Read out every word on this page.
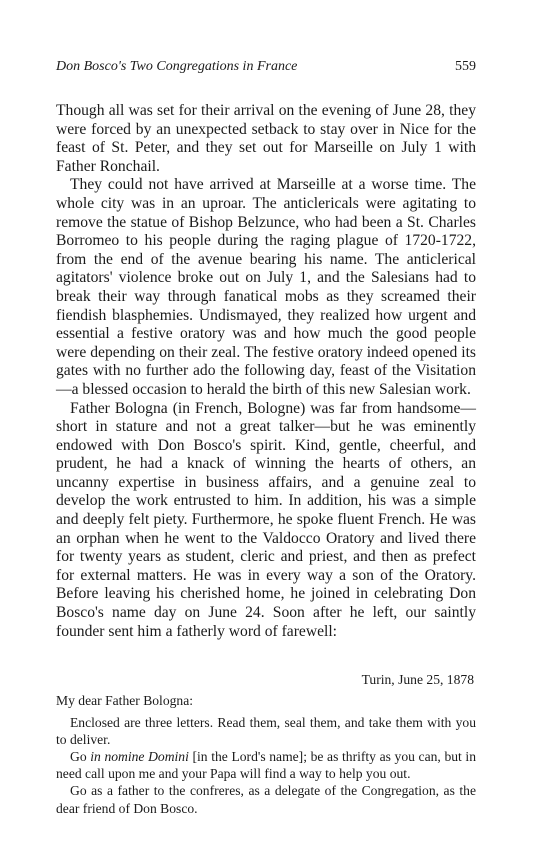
Don Bosco's Two Congregations in France	559

Though all was set for their arrival on the evening of June 28, they were forced by an unexpected setback to stay over in Nice for the feast of St. Peter, and they set out for Marseille on July 1 with Father Ronchail.

They could not have arrived at Marseille at a worse time. The whole city was in an uproar. The anticlericals were agitating to remove the statue of Bishop Belzunce, who had been a St. Charles Borromeo to his people during the raging plague of 1720-1722, from the end of the avenue bearing his name. The anticlerical agitators' violence broke out on July 1, and the Salesians had to break their way through fanatical mobs as they screamed their fiendish blasphemies. Undismayed, they realized how urgent and essential a festive oratory was and how much the good people were depending on their zeal. The festive oratory indeed opened its gates with no further ado the following day, feast of the Visitation—a blessed occasion to herald the birth of this new Salesian work.

Father Bologna (in French, Bologne) was far from handsome—short in stature and not a great talker—but he was eminently endowed with Don Bosco's spirit. Kind, gentle, cheerful, and prudent, he had a knack of winning the hearts of others, an uncanny expertise in business affairs, and a genuine zeal to develop the work entrusted to him. In addition, his was a simple and deeply felt piety. Furthermore, he spoke fluent French. He was an orphan when he went to the Valdocco Oratory and lived there for twenty years as student, cleric and priest, and then as prefect for external matters. He was in every way a son of the Oratory. Before leaving his cherished home, he joined in celebrating Don Bosco's name day on June 24. Soon after he left, our saintly founder sent him a fatherly word of farewell:

Turin, June 25, 1878
My dear Father Bologna:

Enclosed are three letters. Read them, seal them, and take them with you to deliver.

Go in nomine Domini [in the Lord's name]; be as thrifty as you can, but in need call upon me and your Papa will find a way to help you out.

Go as a father to the confreres, as a delegate of the Congregation, as the dear friend of Don Bosco.
